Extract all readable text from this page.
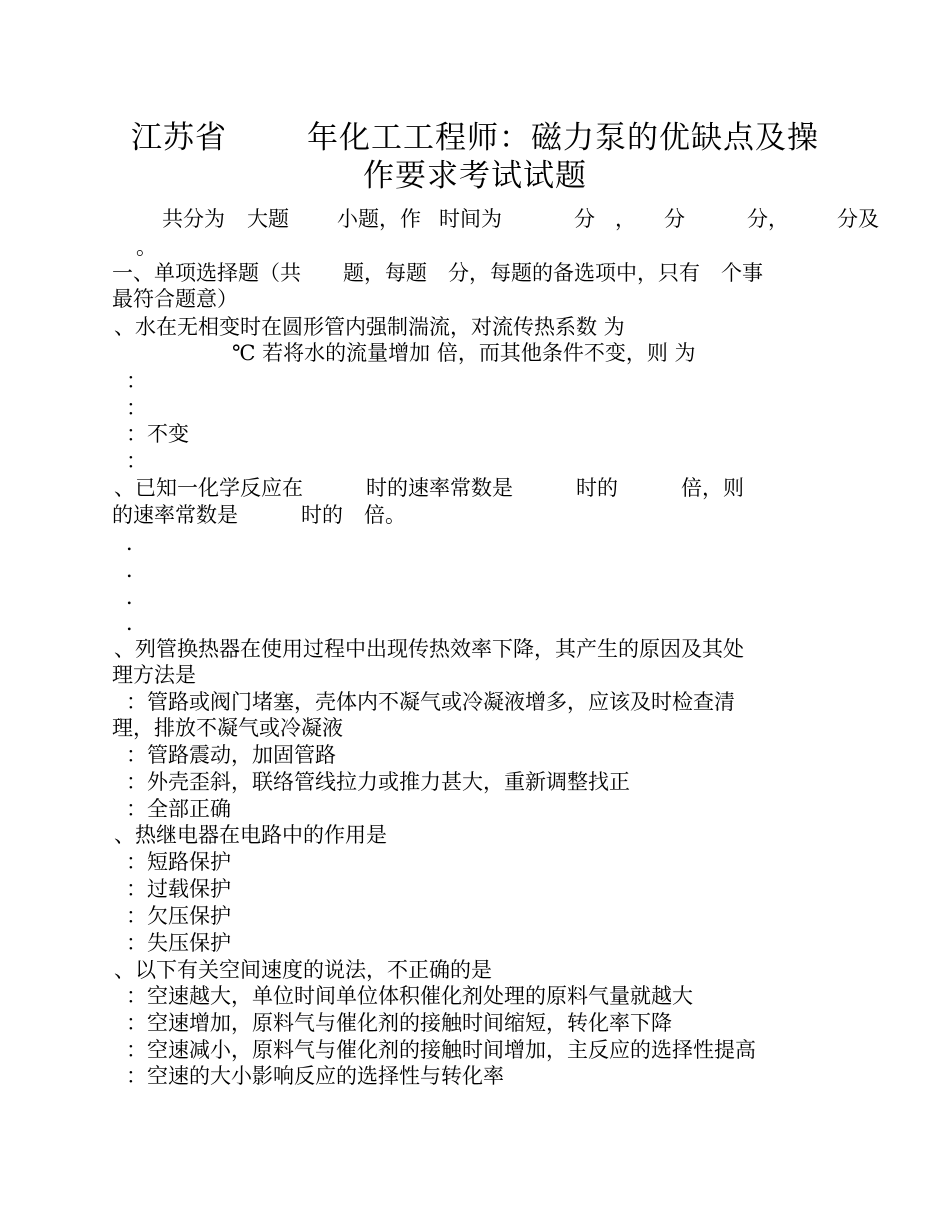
江苏省	年化工工程师：磁力泵的优缺点及操
作要求考试试题
共分为 大题 小题，作 时间为	分 ， 分	分， 分及
。
一、单项选择题（共　　题，每题　分，每题的备选项中，只有　个事
最符合题意）
、水在无相变时在圆形管内强制湍流，对流传热系数 为
℃ 若将水的流量增加 倍，而其他条件不变，则 为
：
：
：不变
：
、已知一化学反应在　　　时的速率常数是　　　时的　　　倍，则
的速率常数是　　　时的　倍。
．
．
．
．
、列管换热器在使用过程中出现传热效率下降，其产生的原因及其处
理方法是
：管路或阀门堵塞，壳体内不凝气或冷凝液增多，应该及时检查清
理，排放不凝气或冷凝液
：管路震动，加固管路
：外壳歪斜，联络管线拉力或推力甚大，重新调整找正
：全部正确
、热继电器在电路中的作用是
：短路保护
：过载保护
：欠压保护
：失压保护
、以下有关空间速度的说法，不正确的是
：空速越大，单位时间单位体积催化剂处理的原料气量就越大
：空速增加，原料气与催化剂的接触时间缩短，转化率下降
：空速减小，原料气与催化剂的接触时间增加，主反应的选择性提高
：空速的大小影响反应的选择性与转化率
